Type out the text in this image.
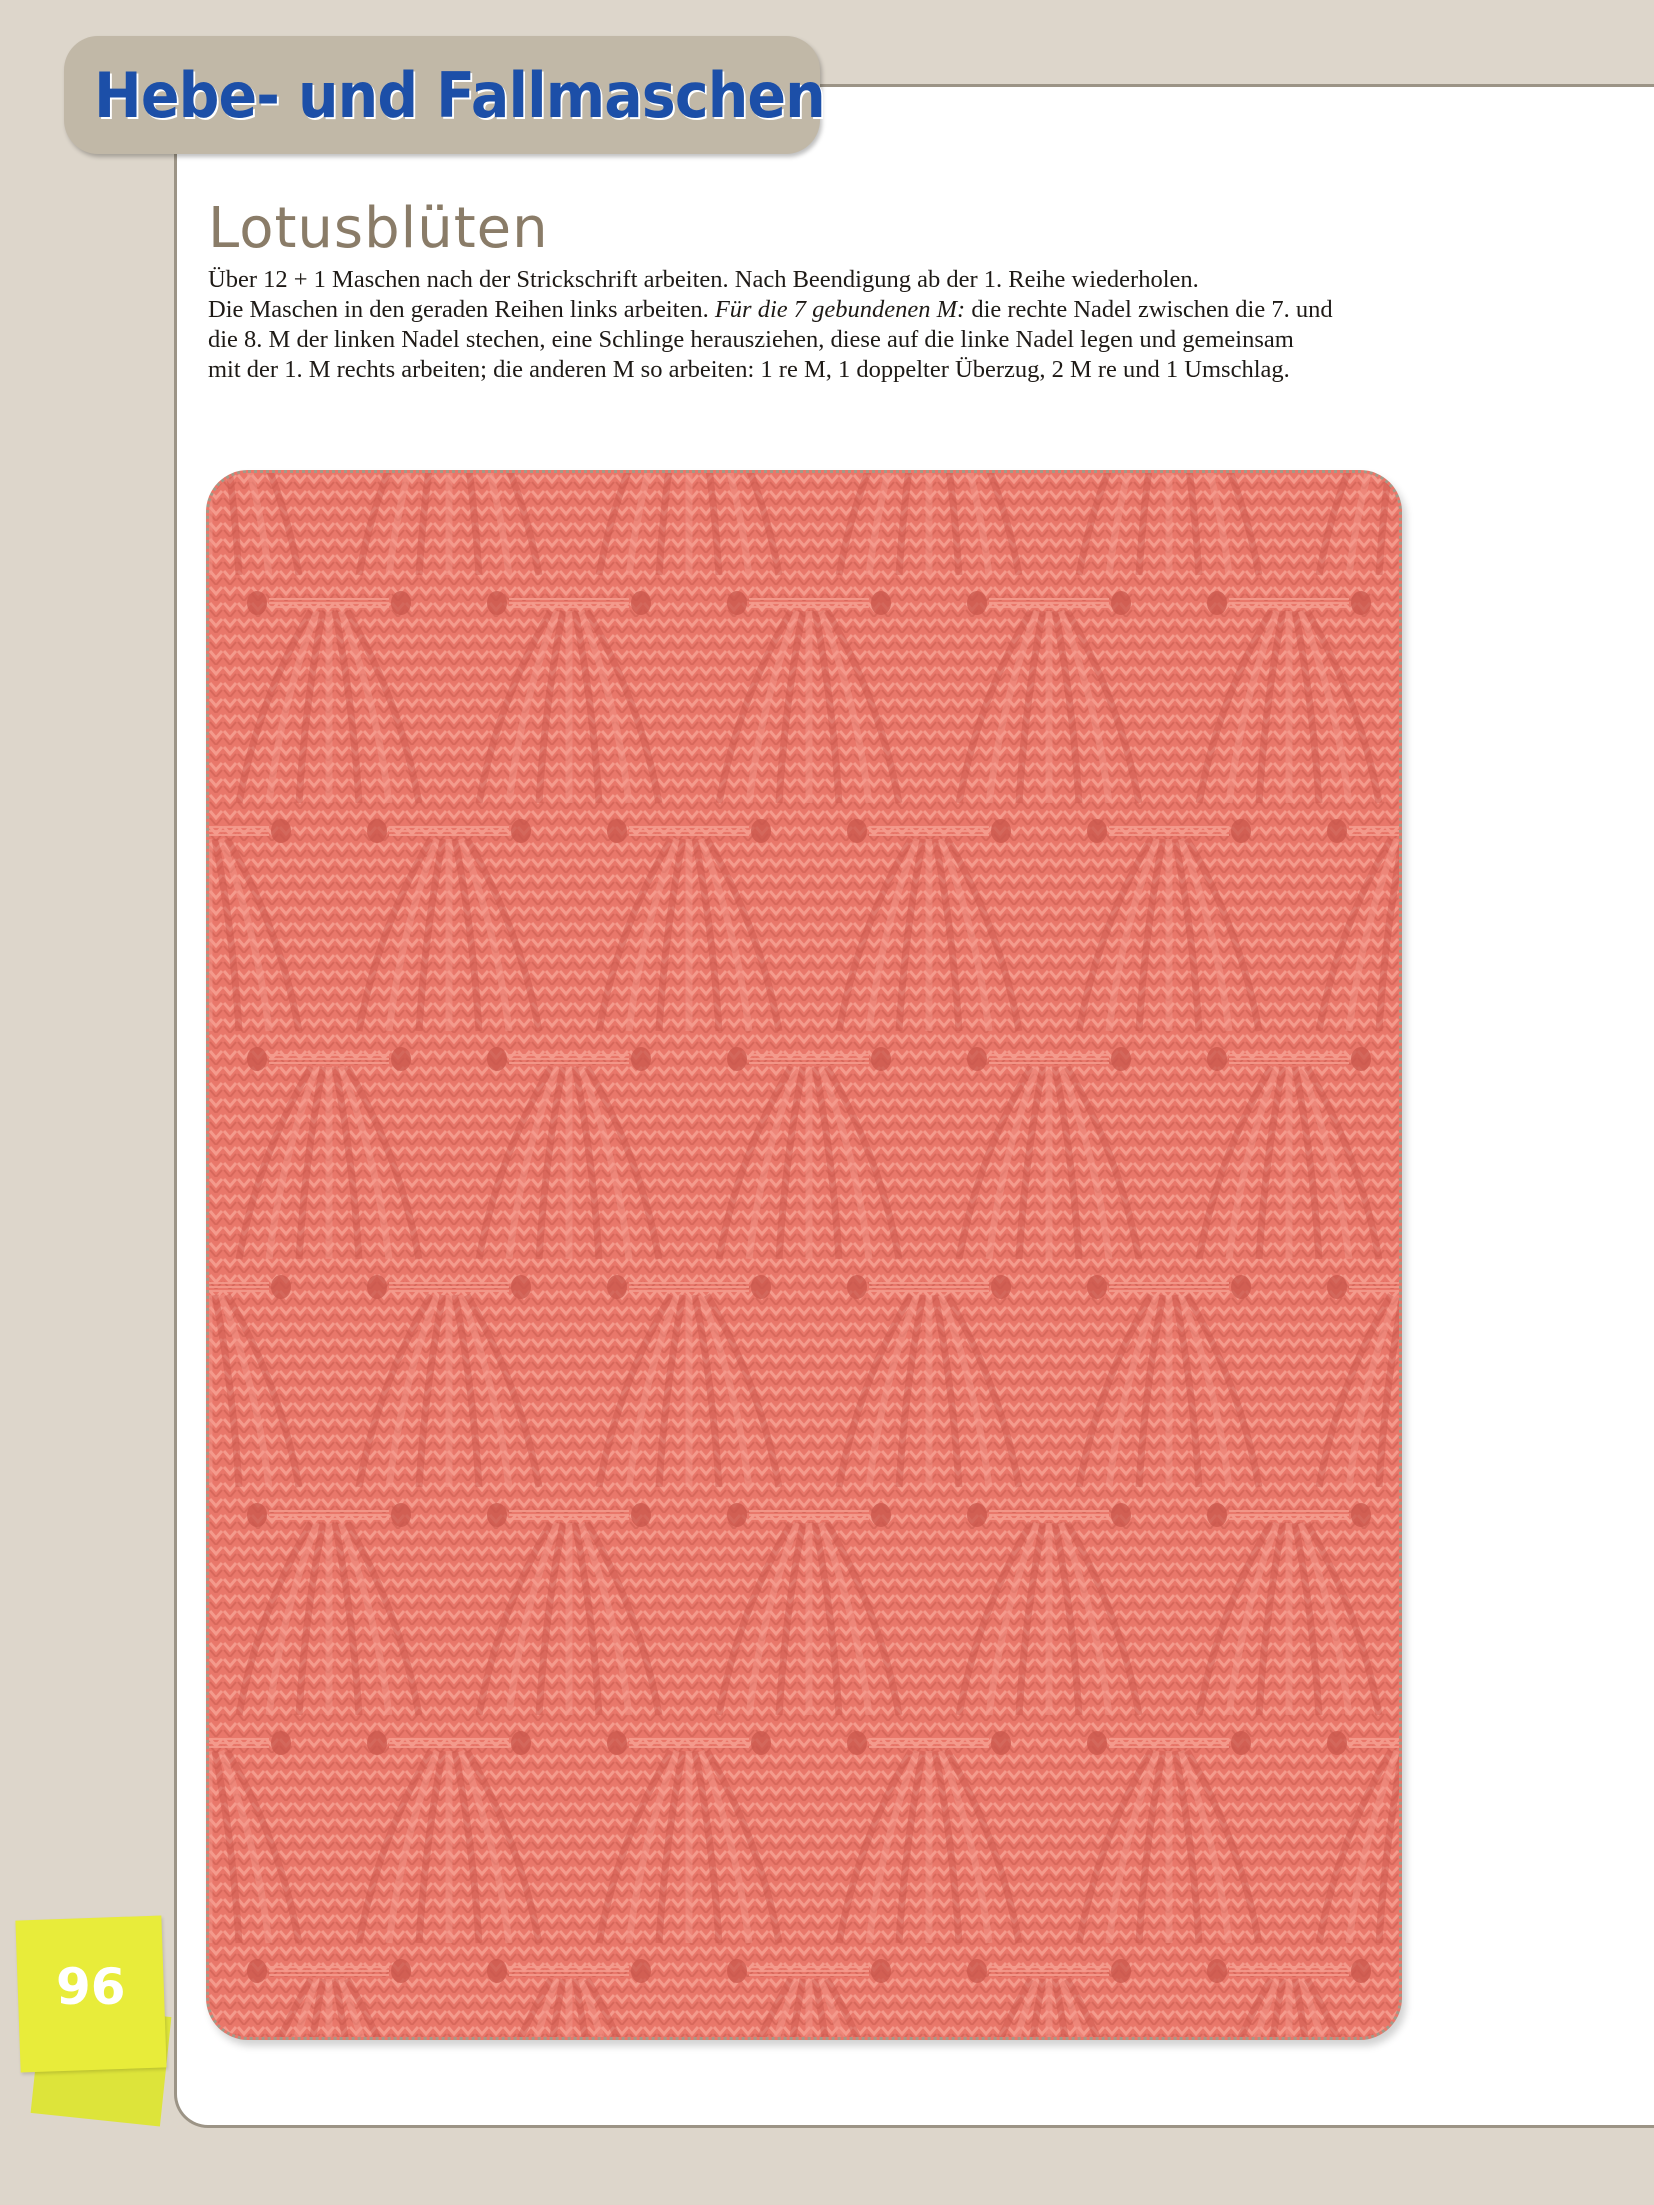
Hebe- und Fallmaschen
Lotusblüten

Über 12 + 1 Maschen nach der Strickschrift arbeiten. Nach Beendigung ab der 1. Reihe wiederholen.

Die Maschen in den geraden Reihen links arbeiten. Für die 7 gebundenen M: die rechte Nadel zwischen die 7. und

die 8. M der linken Nadel stechen, eine Schlinge herausziehen, diese auf die linke Nadel legen und gemeinsam

mit der 1. M rechts arbeiten; die anderen M so arbeiten: 1 re M, 1 doppelter Überzug, 2 M re und 1 Umschlag.

96
